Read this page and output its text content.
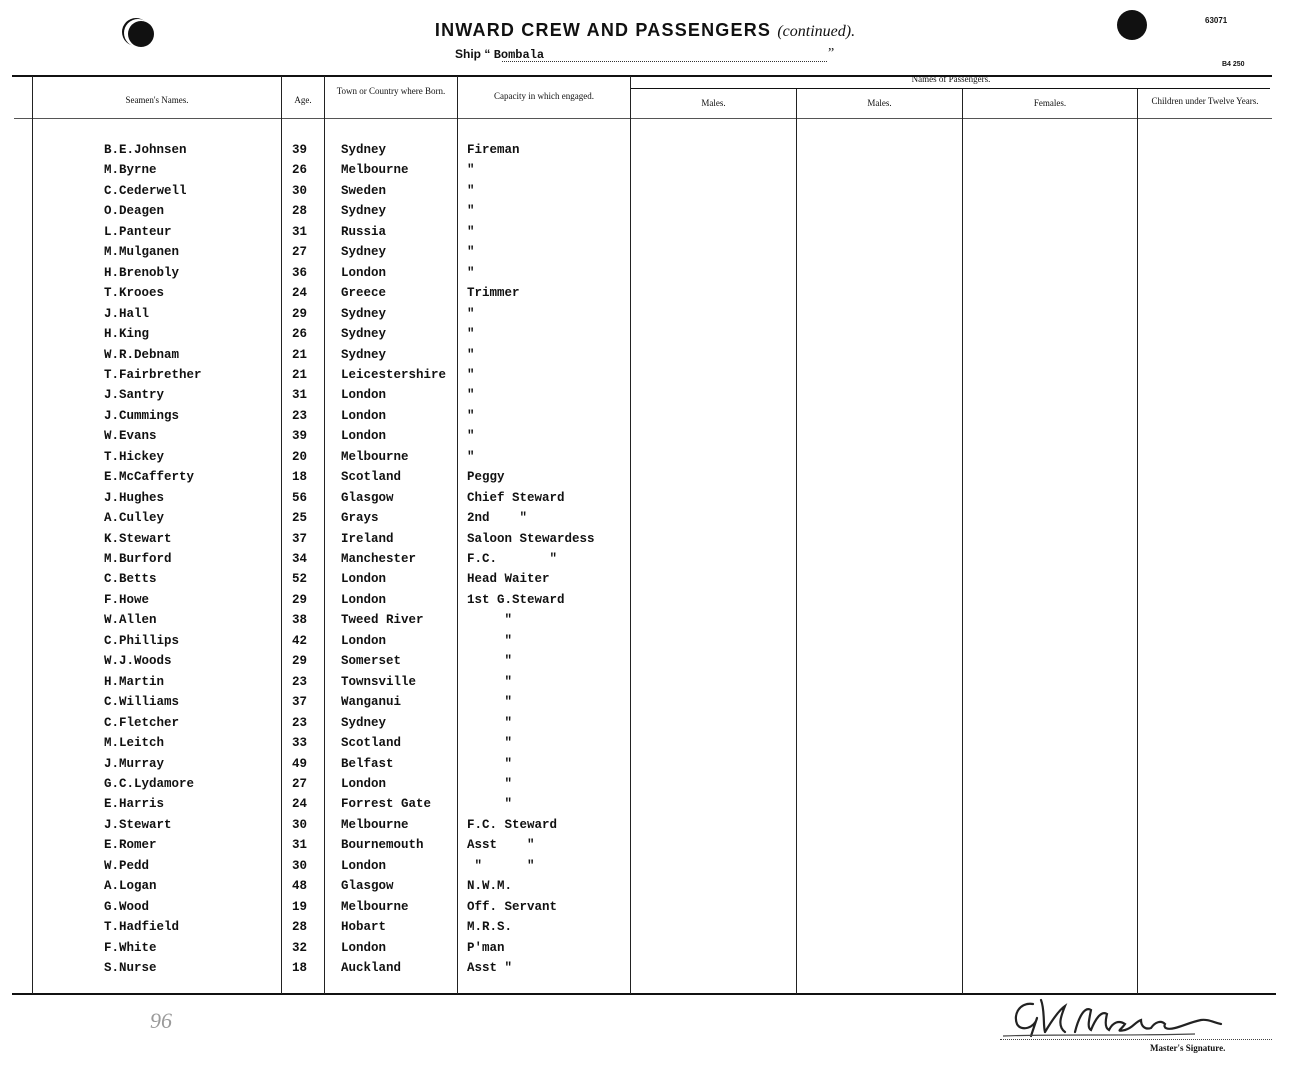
INWARD CREW AND PASSENGERS (continued).
63071
B4 250
Ship “ Bombala	”
Seamen's Names.	Age.
Town or Country where Born.	Capacity in which engaged.
Names of Passengers.
Males.	Males.	Females.	Children under Twelve Years.
B.E.Johnsen	39	Sydney	Fireman
M.Byrne	26	Melbourne	"
C.Cederwell	30	Sweden	"
O.Deagen	28	Sydney	"
L.Panteur	31	Russia	"
M.Mulganen	27	Sydney	"
H.Brenobly	36	London	"
T.Krooes	24	Greece	Trimmer
J.Hall	29	Sydney	"
H.King	26	Sydney	"
W.R.Debnam	21	Sydney	"
T.Fairbrether	21	Leicestershire "
J.Santry	31	London	"
J.Cummings	23	London	"
W.Evans	39	London	"
T.Hickey	20	Melbourne	"
E.McCafferty	18	Scotland	Peggy
J.Hughes	56	Glasgow	Chief Steward
A.Culley	25	Grays	2nd    "
K.Stewart	37	Ireland	Saloon Stewardess
M.Burford	34	Manchester	F.C.       "
C.Betts	52	London	Head Waiter
F.Howe	29	London	1st G.Steward
W.Allen	38	Tweed River	"
C.Phillips	42	London	"
W.J.Woods	29	Somerset	"
H.Martin	23	Townsville	"
C.Williams	37	Wanganui	"
C.Fletcher	23	Sydney	"
M.Leitch	33	Scotland	"
J.Murray	49	Belfast	"
G.C.Lydamore	27	London	"
E.Harris	24	Forrest Gate	"
J.Stewart	30	Melbourne	F.C. Steward
E.Romer	31	Bournemouth	Asst    "
W.Pedd	30	London	"      "
A.Logan	48	Glasgow	N.W.M.
G.Wood	19	Melbourne	Off. Servant
T.Hadfield	28	Hobart	M.R.S.
F.White	32	London	P'man
S.Nurse	18	Auckland	Asst "
96
Master's Signature.
